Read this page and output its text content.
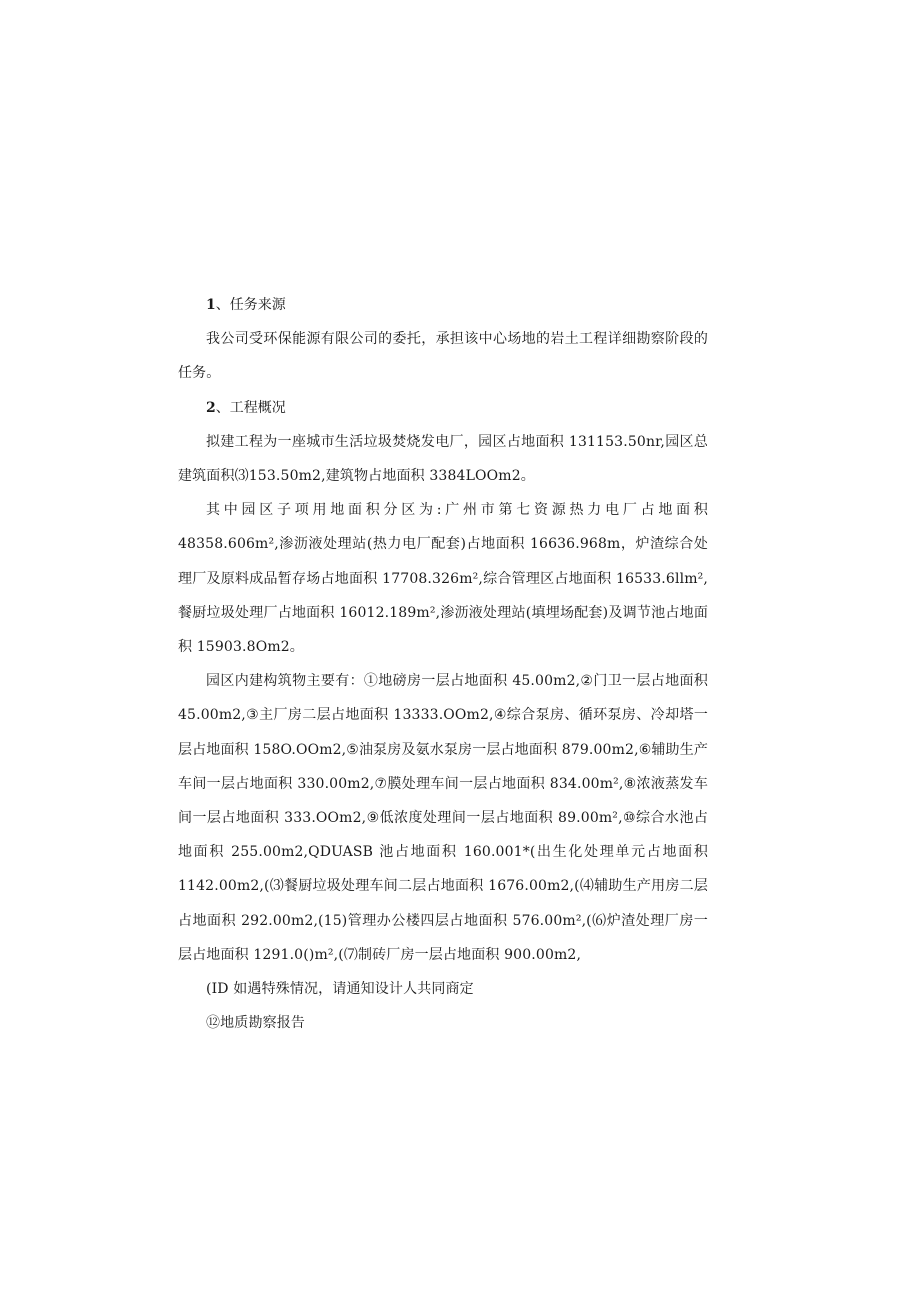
1、任务来源

我公司受环保能源有限公司的委托，承担该中心场地的岩土工程详细勘察阶段的任务。

2、工程概况

拟建工程为一座城市生活垃圾焚烧发电厂，园区占地面积 131153.50nr,园区总建筑面积⑶153.50m2,建筑物占地面积 3384LOOm2。

其中园区子项用地面积分区为:广州市第七资源热力电厂占地面积 48358.606m²,渗沥液处理站(热力电厂配套)占地面积 16636.968m，炉渣综合处理厂及原料成品暂存场占地面积 17708.326m²,综合管理区占地面积 16533.6llm²,餐厨垃圾处理厂占地面积 16012.189m²,渗沥液处理站(填埋场配套)及调节池占地面积 15903.8Om2。

园区内建构筑物主要有：①地磅房一层占地面积 45.00m2,②门卫一层占地面积 45.00m2,③主厂房二层占地面积 13333.OOm2,④综合泵房、循环泵房、冷却塔一层占地面积 158O.OOm2,⑤油泵房及氨水泵房一层占地面积 879.00m2,⑥辅助生产车间一层占地面积 330.00m2,⑦膜处理车间一层占地面积 834.00m²,⑧浓液蒸发车间一层占地面积 333.OOm2,⑨低浓度处理间一层占地面积 89.00m²,⑩综合水池占地面积 255.00m2,QDUASB 池占地面积 160.001*(出生化处理单元占地面积 1142.00m2,(⑶餐厨垃圾处理车间二层占地面积 1676.00m2,(⑷辅助生产用房二层占地面积 292.00m2,(15)管理办公楼四层占地面积 576.00m²,(⑹炉渣处理厂房一层占地面积 1291.0()m²,(⑺制砖厂房一层占地面积 900.00m2,

(ID 如遇特殊情况，请通知设计人共同商定

⑫地质勘察报告
